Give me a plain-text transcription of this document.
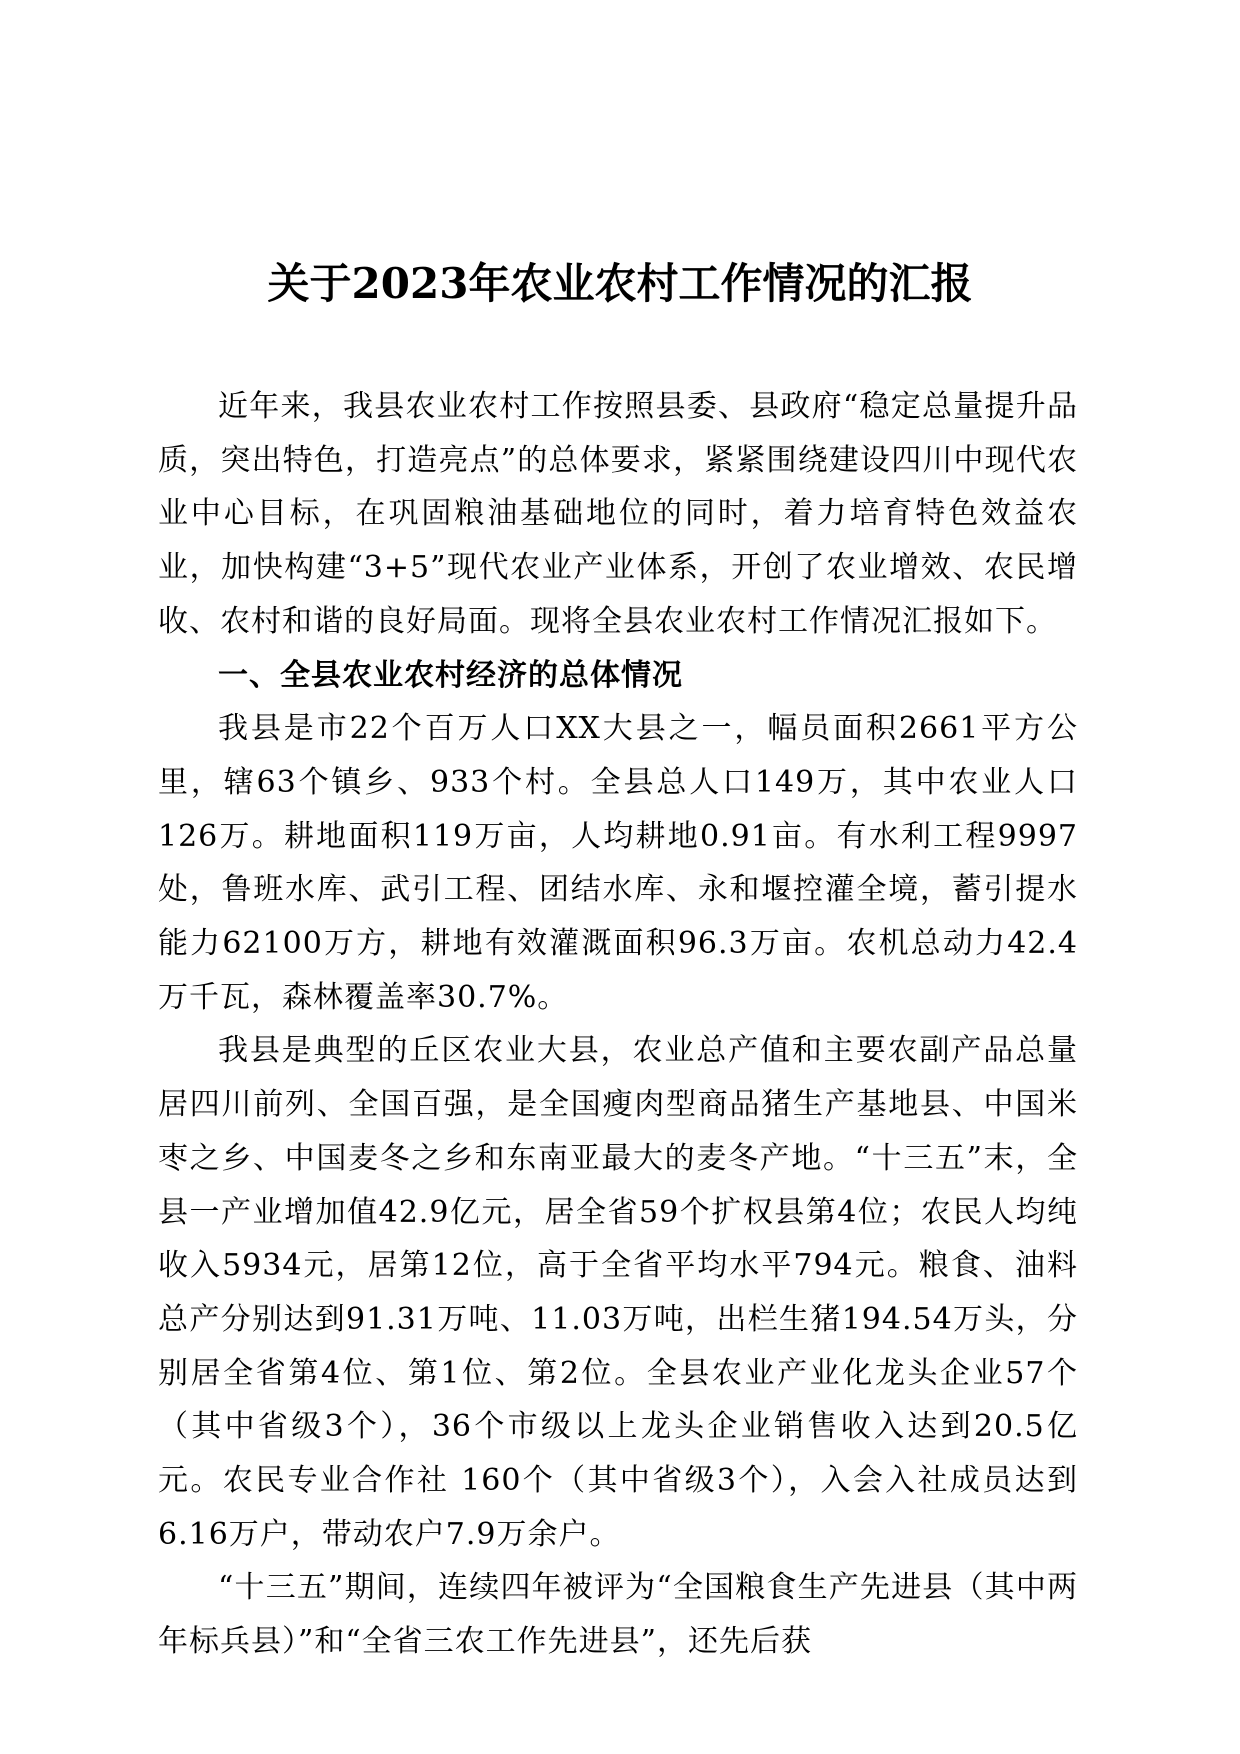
关于2023年农业农村工作情况的汇报

近年来，我县农业农村工作按照县委、县政府“稳定总量提升品质，突出特色，打造亮点”的总体要求，紧紧围绕建设四川中现代农业中心目标，在巩固粮油基础地位的同时，着力培育特色效益农业，加快构建“3+5”现代农业产业体系，开创了农业增效、农民增收、农村和谐的良好局面。现将全县农业农村工作情况汇报如下。

一、全县农业农村经济的总体情况

我县是市22个百万人口XX大县之一，幅员面积2661平方公里，辖63个镇乡、933个村。全县总人口149万，其中农业人口126万。耕地面积119万亩，人均耕地0.91亩。有水利工程9997处，鲁班水库、武引工程、团结水库、永和堰控灌全境，蓄引提水能力62100万方，耕地有效灌溉面积96.3万亩。农机总动力42.4万千瓦，森林覆盖率30.7%。

我县是典型的丘区农业大县，农业总产值和主要农副产品总量居四川前列、全国百强，是全国瘦肉型商品猪生产基地县、中国米枣之乡、中国麦冬之乡和东南亚最大的麦冬产地。“十三五”末，全县一产业增加值42.9亿元，居全省59个扩权县第4位；农民人均纯收入5934元，居第12位，高于全省平均水平794元。粮食、油料总产分别达到91.31万吨、11.03万吨，出栏生猪194.54万头，分别居全省第4位、第1位、第2位。全县农业产业化龙头企业57个（其中省级3个），36个市级以上龙头企业销售收入达到20.5亿元。农民专业合作社 160个（其中省级3个），入会入社成员达到6.16万户，带动农户7.9万余户。

“十三五”期间，连续四年被评为“全国粮食生产先进县（其中两年标兵县）”和“全省三农工作先进县”，还先后获
